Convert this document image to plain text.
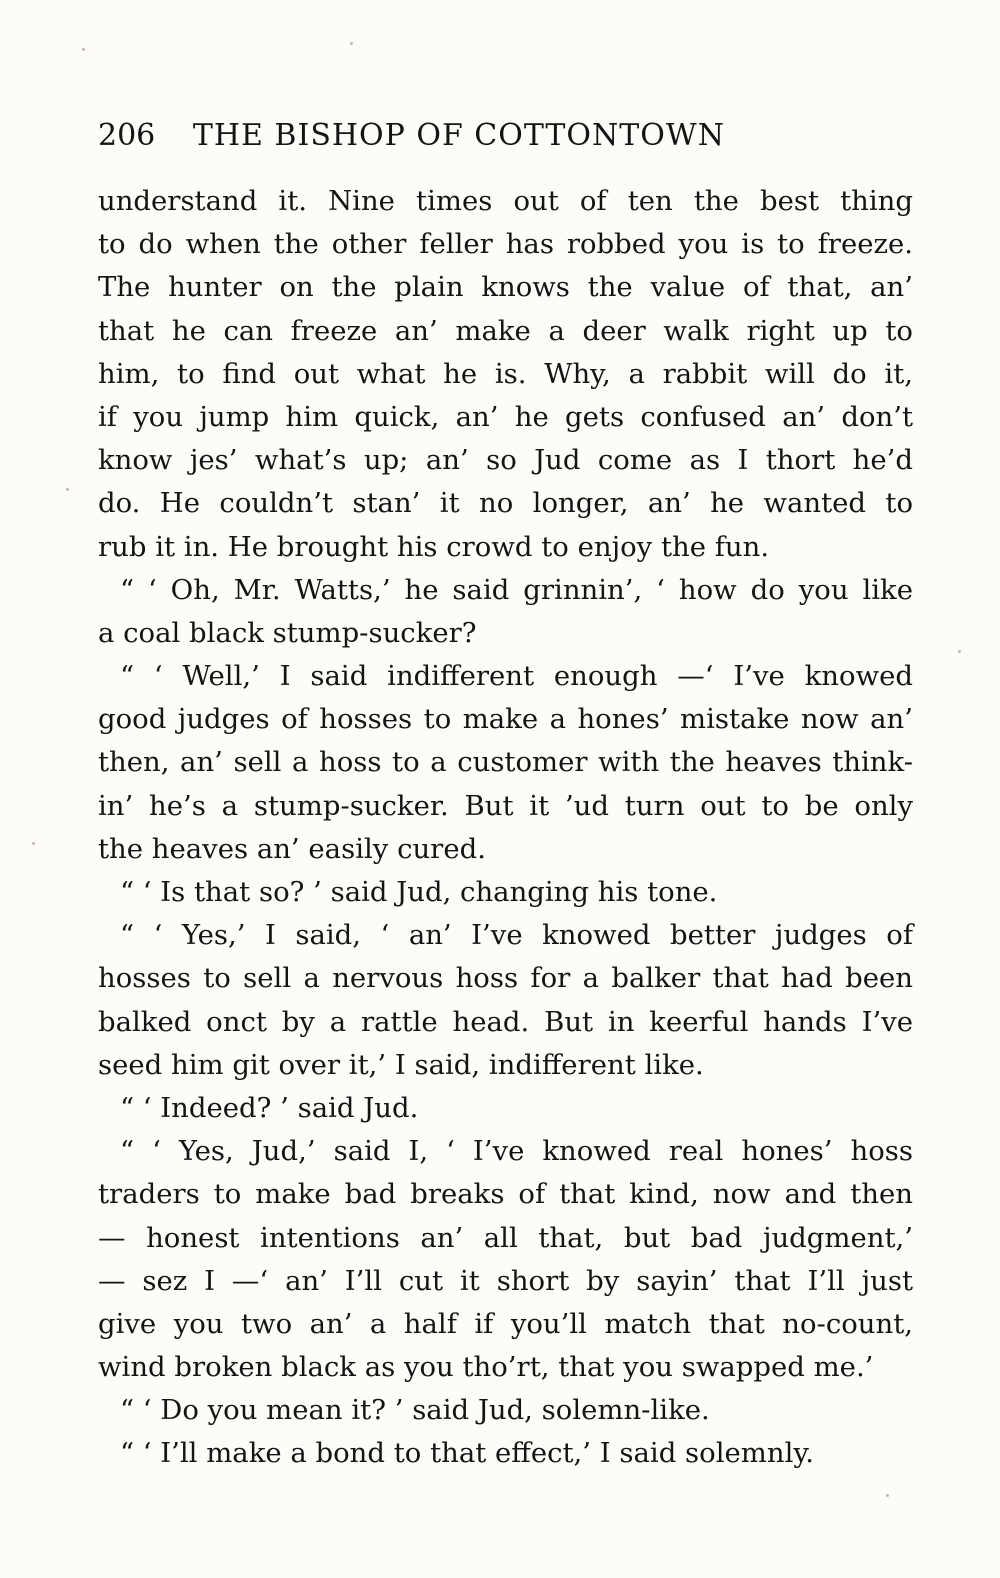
206 THE BISHOP OF COTTONTOWN
understand it. Nine times out of ten the best thing
to do when the other feller has robbed you is to freeze.
The hunter on the plain knows the value of that, an’
that he can freeze an’ make a deer walk right up to
him, to find out what he is. Why, a rabbit will do it,
if you jump him quick, an’ he gets confused an’ don’t
know jes’ what’s up; an’ so Jud come as I thort he’d
do. He couldn’t stan’ it no longer, an’ he wanted to
rub it in. He brought his crowd to enjoy the fun.
“ ‘ Oh, Mr. Watts,’ he said grinnin’, ‘ how do you like
a coal black stump-sucker?
“ ‘ Well,’ I said indifferent enough —‘ I’ve knowed
good judges of hosses to make a hones’ mistake now an’
then, an’ sell a hoss to a customer with the heaves think-
in’ he’s a stump-sucker. But it ’ud turn out to be only
the heaves an’ easily cured.
“ ‘ Is that so? ’ said Jud, changing his tone.
“ ‘ Yes,’ I said, ‘ an’ I’ve knowed better judges of
hosses to sell a nervous hoss for a balker that had been
balked onct by a rattle head. But in keerful hands I’ve
seed him git over it,’ I said, indifferent like.
“ ‘ Indeed? ’ said Jud.
“ ‘ Yes, Jud,’ said I, ‘ I’ve knowed real hones’ hoss
traders to make bad breaks of that kind, now and then
— honest intentions an’ all that, but bad judgment,’
— sez I —‘ an’ I’ll cut it short by sayin’ that I’ll just
give you two an’ a half if you’ll match that no-count,
wind broken black as you tho’rt, that you swapped me.’
“ ‘ Do you mean it? ’ said Jud, solemn-like.
“ ‘ I’ll make a bond to that effect,’ I said solemnly.
